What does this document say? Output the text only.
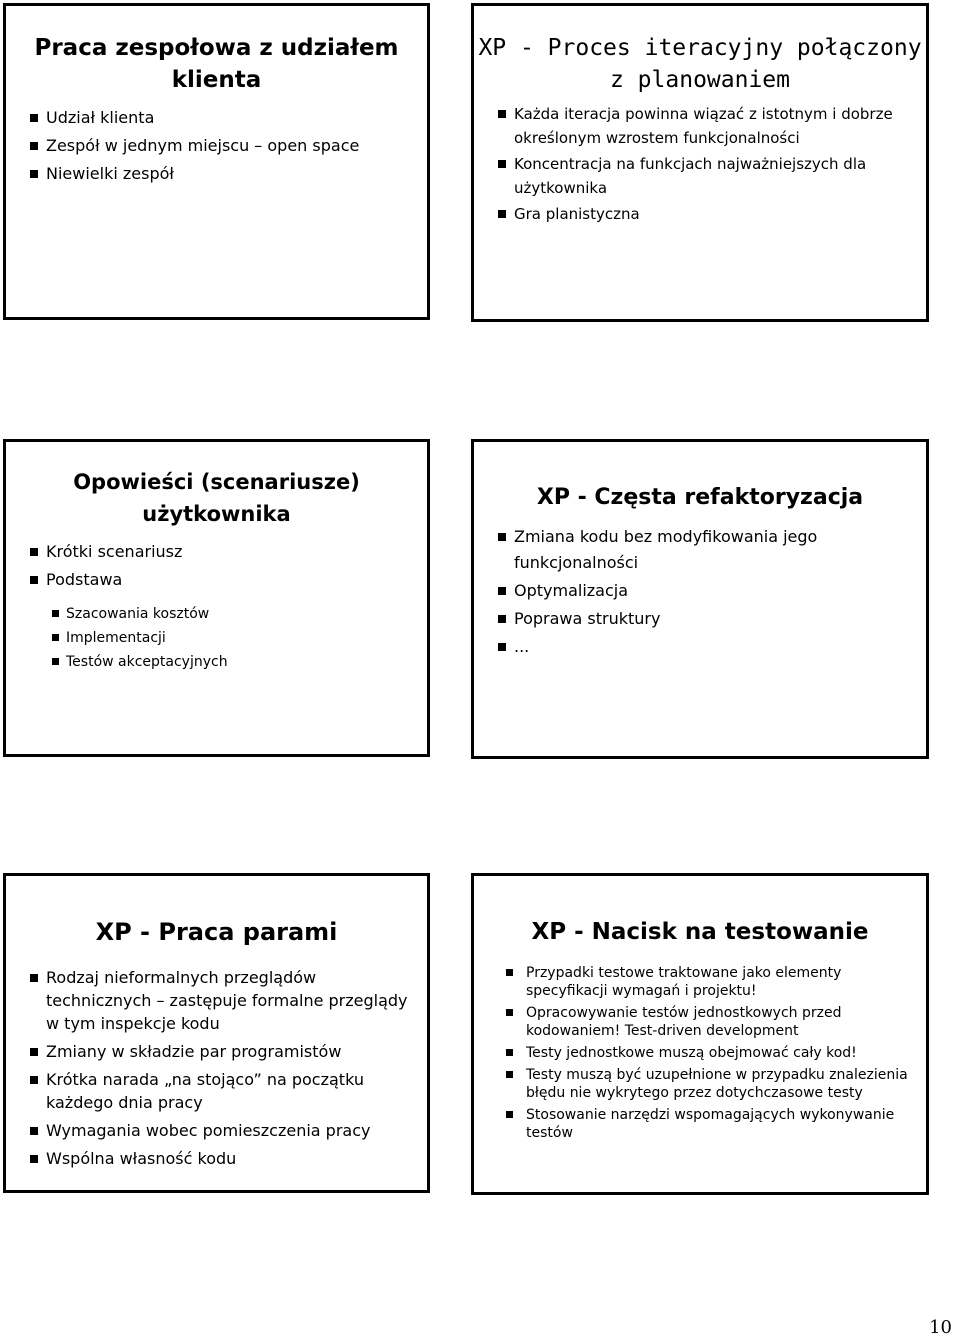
Praca zespołowa z udziałem klienta
Udział klienta
Zespół w jednym miejscu – open space
Niewielki zespół
XP - Proces iteracyjny połączony z planowaniem
Każda iteracja powinna wiązać z istotnym i dobrze określonym wzrostem funkcjonalności
Koncentracja na funkcjach najważniejszych dla użytkownika
Gra planistyczna
Opowieści (scenariusze) użytkownika
Krótki scenariusz
Podstawa
Szacowania kosztów
Implementacji
Testów akceptacyjnych
XP - Częsta refaktoryzacja
Zmiana kodu bez modyfikowania jego funkcjonalności
Optymalizacja
Poprawa struktury
...
XP - Praca parami
Rodzaj nieformalnych przeglądów technicznych – zastępuje formalne przeglądy w tym inspekcje kodu
Zmiany w składzie par programistów
Krótka narada „na stojąco” na początku każdego dnia pracy
Wymagania wobec pomieszczenia pracy
Wspólna własność kodu
XP - Nacisk na testowanie
Przypadki testowe traktowane jako elementy specyfikacji wymagań i projektu!
Opracowywanie testów jednostkowych przed kodowaniem! Test-driven development
Testy jednostkowe muszą obejmować cały kod!
Testy muszą być uzupełnione w przypadku znalezienia błędu nie wykrytego przez dotychczasowe testy
Stosowanie narzędzi wspomagających wykonywanie testów
10
